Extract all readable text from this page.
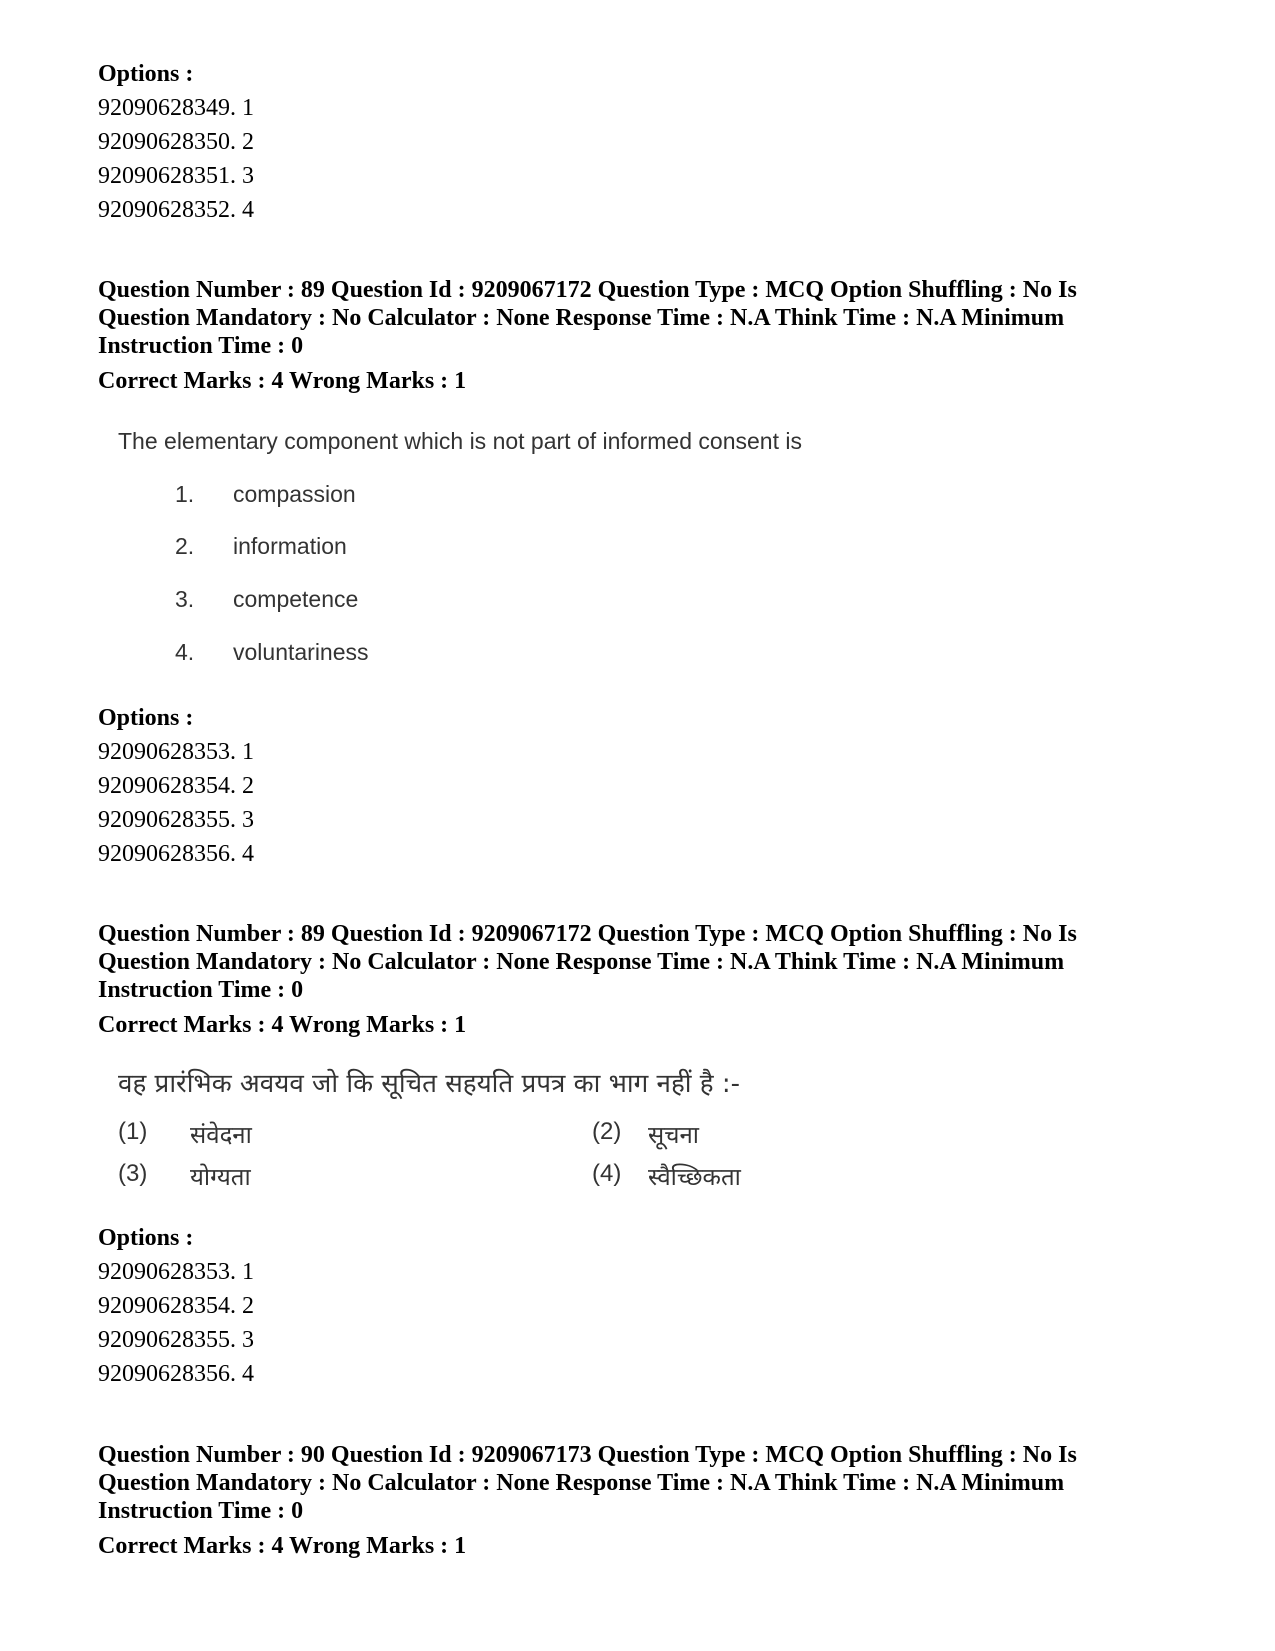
Options :
92090628349. 1
92090628350. 2
92090628351. 3
92090628352. 4
Question Number : 89 Question Id : 9209067172 Question Type : MCQ Option Shuffling : No Is
Question Mandatory : No Calculator : None Response Time : N.A Think Time : N.A Minimum
Instruction Time : 0
Correct Marks : 4 Wrong Marks : 1
The elementary component which is not part of informed consent is
1. compassion
2. information
3. competence
4. voluntariness
Options :
92090628353. 1
92090628354. 2
92090628355. 3
92090628356. 4
Question Number : 89 Question Id : 9209067172 Question Type : MCQ Option Shuffling : No Is
Question Mandatory : No Calculator : None Response Time : N.A Think Time : N.A Minimum
Instruction Time : 0
Correct Marks : 4 Wrong Marks : 1
वह प्रारंभिक अवयव जो कि सूचित सहयति प्रपत्र का भाग नहीं है :-
(1) संवेदना	(2) सूचना
(3) योग्यता	(4) स्वैच्छिकता
Options :
92090628353. 1
92090628354. 2
92090628355. 3
92090628356. 4
Question Number : 90 Question Id : 9209067173 Question Type : MCQ Option Shuffling : No Is
Question Mandatory : No Calculator : None Response Time : N.A Think Time : N.A Minimum
Instruction Time : 0
Correct Marks : 4 Wrong Marks : 1
